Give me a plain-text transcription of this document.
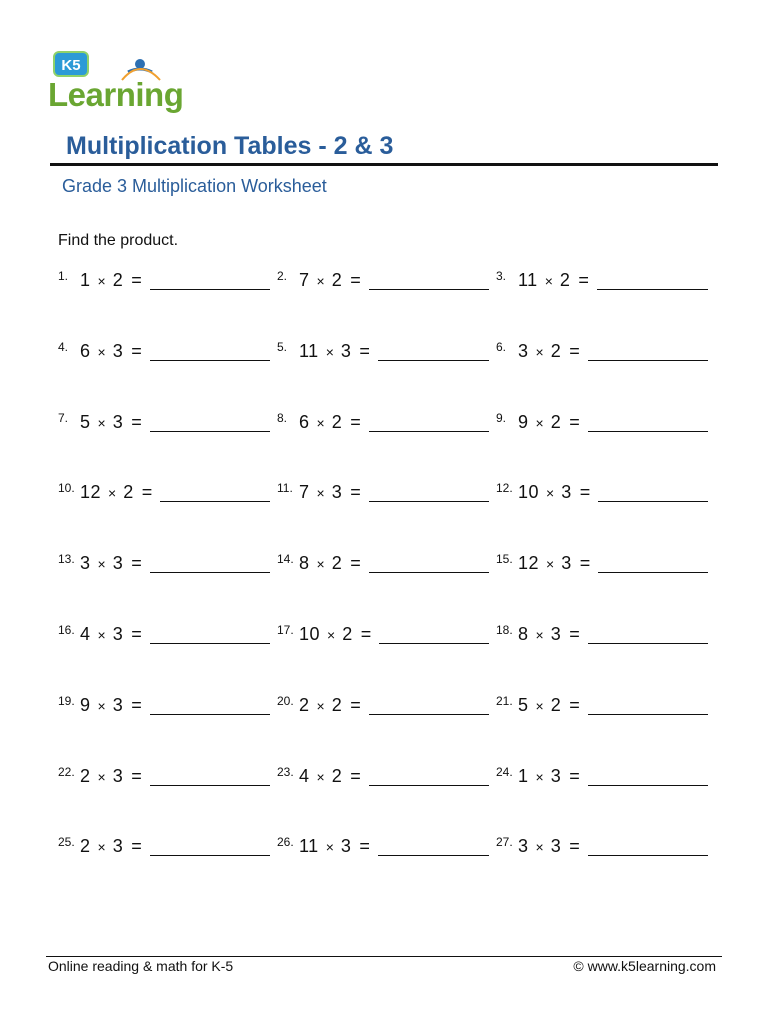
K5
Learning
Multiplication Tables - 2 & 3
Grade 3 Multiplication Worksheet
Find the product.
1. 1 × 2 =	2. 7 × 2 =	3. 11 × 2 =
4. 6 × 3 =	5. 11 × 3 =	6. 3 × 2 =
7. 5 × 3 =	8. 6 × 2 =	9. 9 × 2 =
10. 12 × 2 =	11. 7 × 3 =	12. 10 × 3 =
13. 3 × 3 =	14. 8 × 2 =	15. 12 × 3 =
16. 4 × 3 =	17. 10 × 2 =	18. 8 × 3 =
19. 9 × 3 =	20. 2 × 2 =	21. 5 × 2 =
22. 2 × 3 =	23. 4 × 2 =	24. 1 × 3 =
25. 2 × 3 =	26. 11 × 3 =	27. 3 × 3 =
Online reading & math for K-5	© www.k5learning.com
